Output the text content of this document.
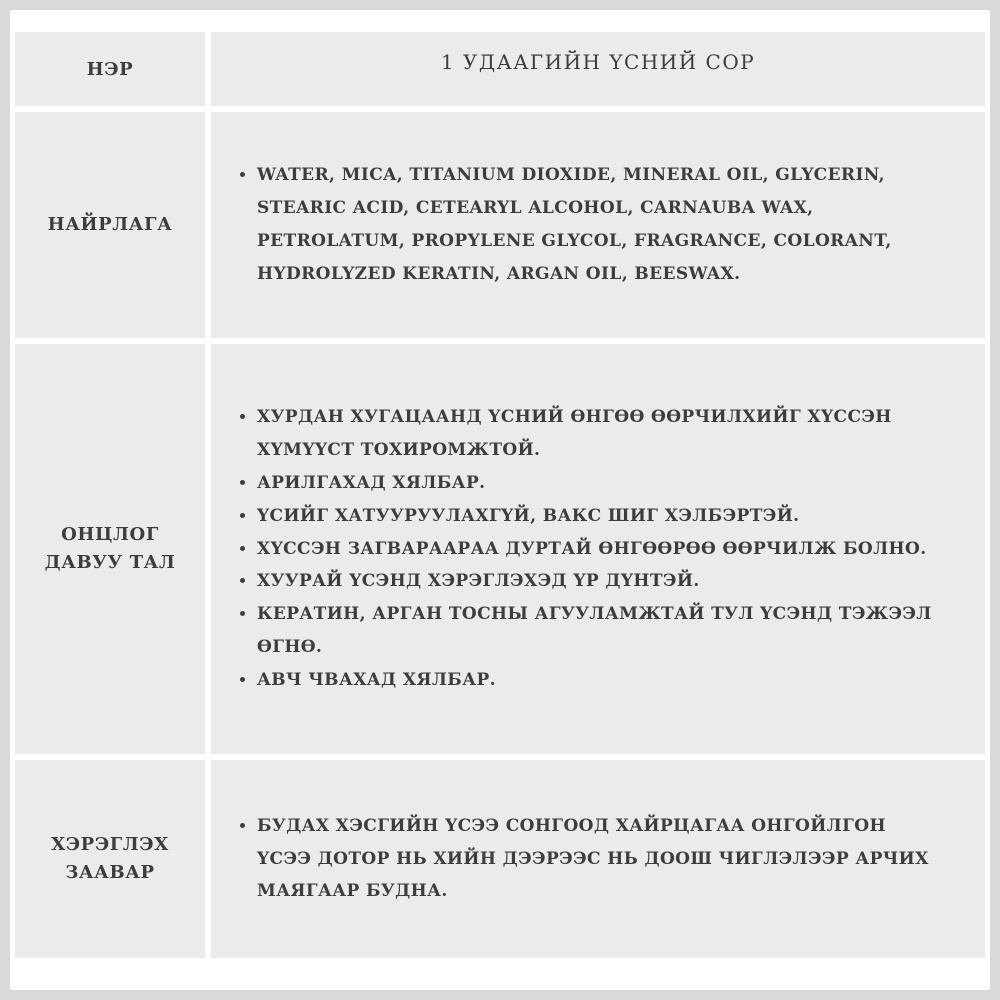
НЭР	1 УДААГИЙН ҮСНИЙ СОР
НАЙРЛАГА
• WATER, MICA, TITANIUM DIOXIDE, MINERAL OIL, GLYCERIN, STEARIC ACID, CETEARYL ALCOHOL, CARNAUBA WAX, PETROLATUM, PROPYLENE GLYCOL, FRAGRANCE, COLORANT, HYDROLYZED KERATIN, ARGAN OIL, BEESWAX.
ОНЦЛОГ ДАВУУ ТАЛ
• ХУРДАН ХУГАЦААНД ҮСНИЙ ӨНГӨӨ ӨӨРЧИЛХИЙГ ХҮССЭН ХҮМҮҮСТ ТОХИРОМЖТОЙ.
• АРИЛГАХАД ХЯЛБАР.
• ҮСИЙГ ХАТУУРУУЛАХГҮЙ, ВАКС ШИГ ХЭЛБЭРТЭЙ.
• ХҮССЭН ЗАГВАРААРАА ДУРТАЙ ӨНГӨӨРӨӨ ӨӨРЧИЛЖ БОЛНО.
• ХУУРАЙ ҮСЭНД ХЭРЭГЛЭХЭД ҮР ДҮНТЭЙ.
• КЕРАТИН, АРГАН ТОСНЫ АГУУЛАМЖТАЙ ТУЛ ҮСЭНД ТЭЖЭЭЛ ӨГНӨ.
• АВЧ ЧВАХАД ХЯЛБАР.
ХЭРЭГЛЭХ ЗААВАР
• БУДАХ ХЭСГИЙН ҮСЭЭ СОНГООД ХАЙРЦАГАА ОНГОЙЛГОН ҮСЭЭ ДОТОР НЬ ХИЙН ДЭЭРЭЭС НЬ ДООШ ЧИГЛЭЛЭЭР АРЧИХ МАЯГААР БУДНА.
